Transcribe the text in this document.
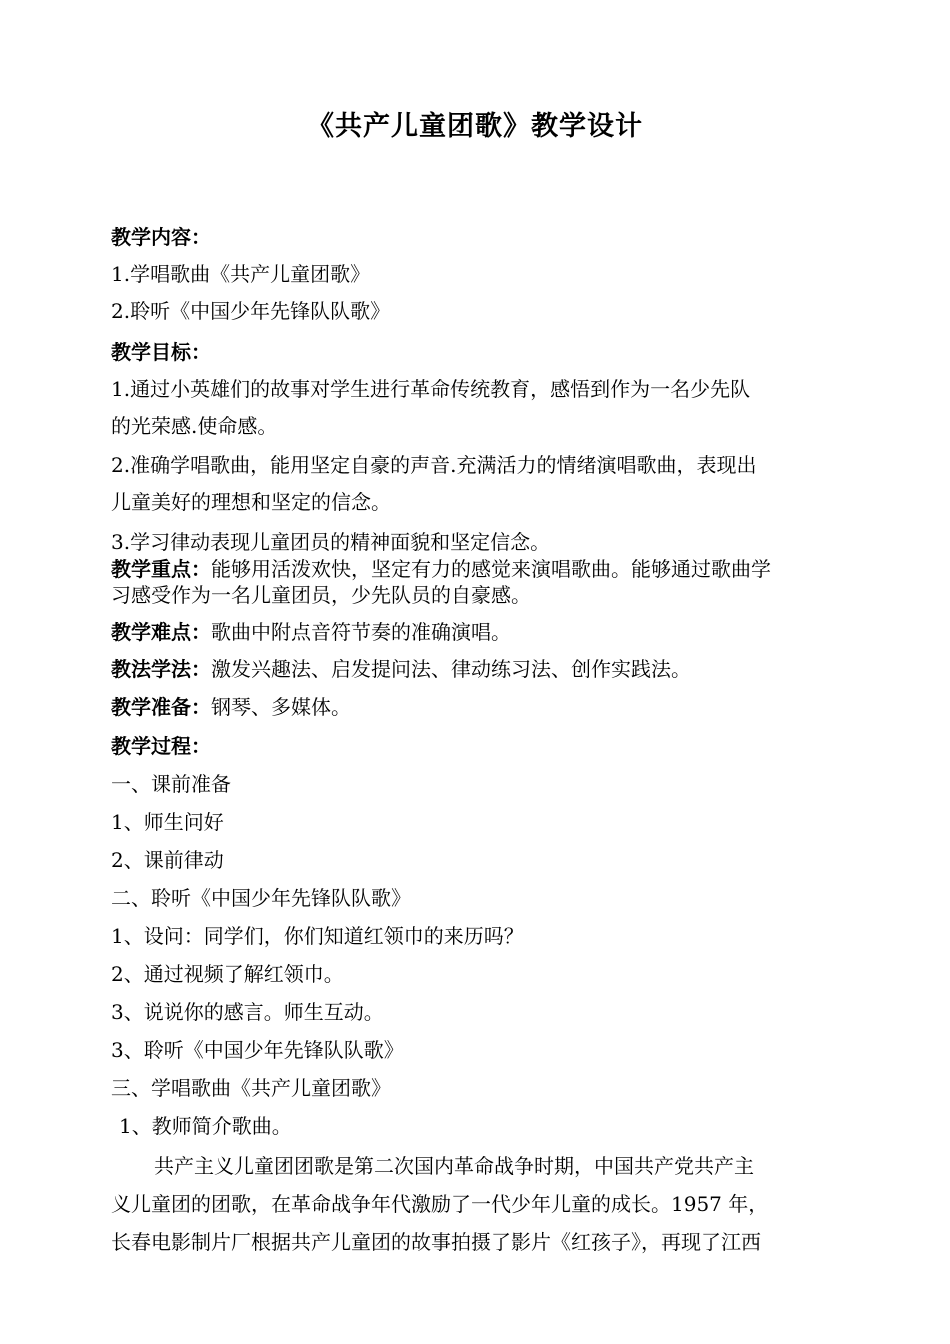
《共产儿童团歌》教学设计
教学内容：
1.学唱歌曲《共产儿童团歌》
2.聆听《中国少年先锋队队歌》
教学目标：
1.通过小英雄们的故事对学生进行革命传统教育，感悟到作为一名少先队
的光荣感.使命感。
2.准确学唱歌曲，能用坚定自豪的声音.充满活力的情绪演唱歌曲，表现出
儿童美好的理想和坚定的信念。
3.学习律动表现儿童团员的精神面貌和坚定信念。
教学重点：能够用活泼欢快，坚定有力的感觉来演唱歌曲。能够通过歌曲学
习感受作为一名儿童团员，少先队员的自豪感。
教学难点：歌曲中附点音符节奏的准确演唱。
教法学法：激发兴趣法、启发提问法、律动练习法、创作实践法。
教学准备：钢琴、多媒体。
教学过程：
一、课前准备
1、师生问好
2、课前律动
二、聆听《中国少年先锋队队歌》
1、设问：同学们，你们知道红领巾的来历吗？
2、通过视频了解红领巾。
3、说说你的感言。师生互动。
3、聆听《中国少年先锋队队歌》
三、学唱歌曲《共产儿童团歌》
1、教师简介歌曲。
共产主义儿童团团歌是第二次国内革命战争时期，中国共产党共产主
义儿童团的团歌，在革命战争年代激励了一代少年儿童的成长。1957 年，
长春电影制片厂根据共产儿童团的故事拍摄了影片《红孩子》，再现了江西
